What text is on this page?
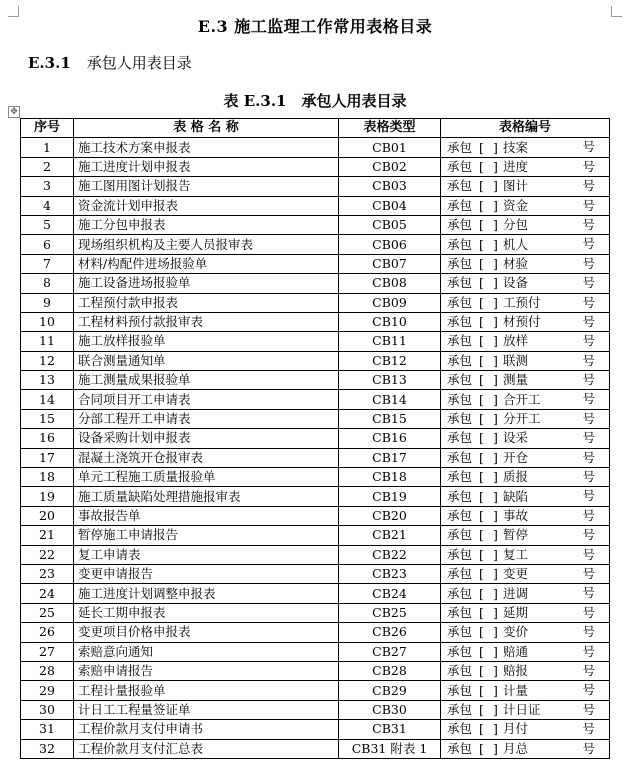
E.3 施工监理工作常用表格目录
E.3.1 承包人用表目录
表 E.3.1　承包人用表目录
✥
序号	表 格 名 称	表格类型	表格编号
1	施工技术方案申报表	CB01	承包 [ ] 技案 号

2	施工进度计划申报表	CB02	承包 [ ] 进度 号

3	施工图用图计划报告	CB03	承包 [ ] 图计 号

4	资金流计划申报表	CB04	承包 [ ] 资金 号

5	施工分包申报表	CB05	承包 [ ] 分包 号

6	现场组织机构及主要人员报审表	CB06	承包 [ ] 机人 号

7	材料/构配件进场报验单	CB07	承包 [ ] 材验 号

8	施工设备进场报验单	CB08	承包 [ ] 设备 号

9	工程预付款申报表	CB09	承包 [ ] 工预付 号

10	工程材料预付款报审表	CB10	承包 [ ] 材预付 号

11	施工放样报验单	CB11	承包 [ ] 放样 号

12	联合测量通知单	CB12	承包 [ ] 联测 号

13	施工测量成果报验单	CB13	承包 [ ] 测量 号

14	合同项目开工申请表	CB14	承包 [ ] 合开工 号

15	分部工程开工申请表	CB15	承包 [ ] 分开工 号

16	设备采购计划申报表	CB16	承包 [ ] 设采 号

17	混凝土浇筑开仓报审表	CB17	承包 [ ] 开仓 号

18	单元工程施工质量报验单	CB18	承包 [ ] 质报 号

19	施工质量缺陷处理措施报审表	CB19	承包 [ ] 缺陷 号

20	事故报告单	CB20	承包 [ ] 事故 号

21	暂停施工申请报告	CB21	承包 [ ] 暂停 号

22	复工申请表	CB22	承包 [ ] 复工 号

23	变更申请报告	CB23	承包 [ ] 变更 号

24	施工进度计划调整申报表	CB24	承包 [ ] 进调 号

25	延长工期申报表	CB25	承包 [ ] 延期 号

26	变更项目价格申报表	CB26	承包 [ ] 变价 号

27	索赔意向通知	CB27	承包 [ ] 赔通 号

28	索赔申请报告	CB28	承包 [ ] 赔报 号

29	工程计量报验单	CB29	承包 [ ] 计量 号

30	计日工工程量签证单	CB30	承包 [ ] 计日证 号

31	工程价款月支付申请书	CB31	承包 [ ] 月付 号

32	工程价款月支付汇总表	CB31 附表 1	承包 [ ] 月总 号
